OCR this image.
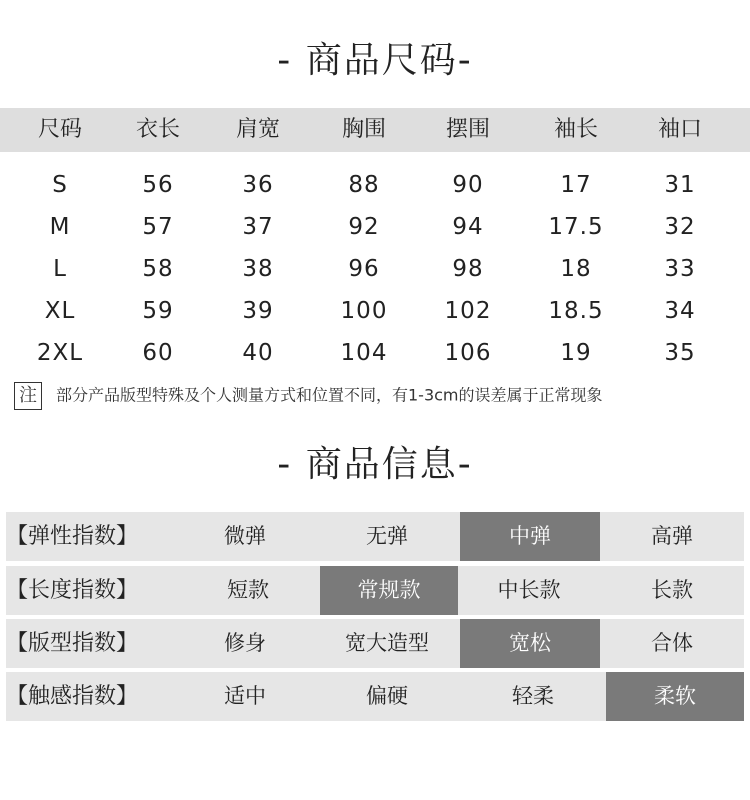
- 商品尺码-
尺码	衣长	肩宽	胸围	摆围	袖长	袖口
S	56	36	88	90	17	31
M	57	37	92	94	17.5	32
L	58	38	96	98	18	33
XL	59	39	100	102	18.5	34
2XL	60	40	104	106	19	35
注 部分产品版型特殊及个人测量方式和位置不同，有1-3cm的误差属于正常现象
- 商品信息-
【弹性指数】	微弹	无弹	中弹	高弹
【长度指数】	短款	常规款	中长款	长款
【版型指数】	修身	宽大造型	宽松	合体
【触感指数】	适中	偏硬	轻柔	柔软
